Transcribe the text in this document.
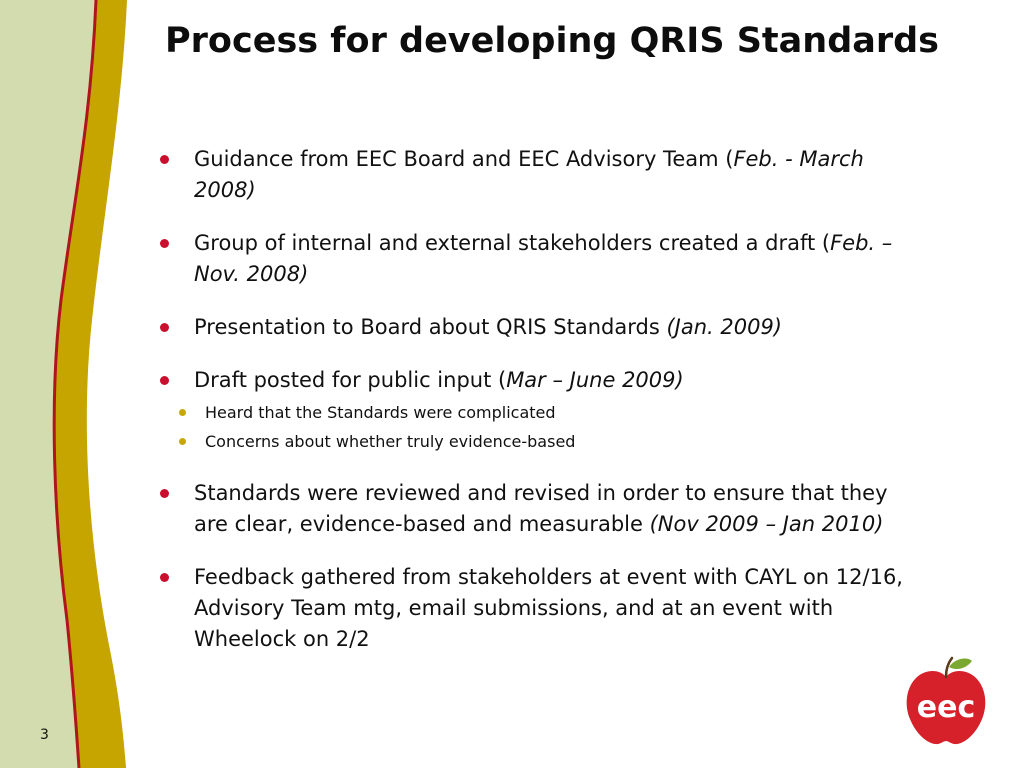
Process for developing QRIS Standards
Guidance from EEC Board and EEC Advisory Team (Feb. - March 2008)
Group of internal and external stakeholders created a draft (Feb. – Nov. 2008)
Presentation to Board about QRIS Standards (Jan. 2009)
Draft posted for public input (Mar – June 2009)
Heard that the Standards were complicated
Concerns about whether truly evidence-based
Standards were reviewed and revised in order to ensure that they are clear, evidence-based and measurable (Nov 2009 – Jan 2010)
Feedback gathered from stakeholders at event with CAYL on 12/16, Advisory Team mtg, email submissions, and at an event with Wheelock on 2/2
3
eec
